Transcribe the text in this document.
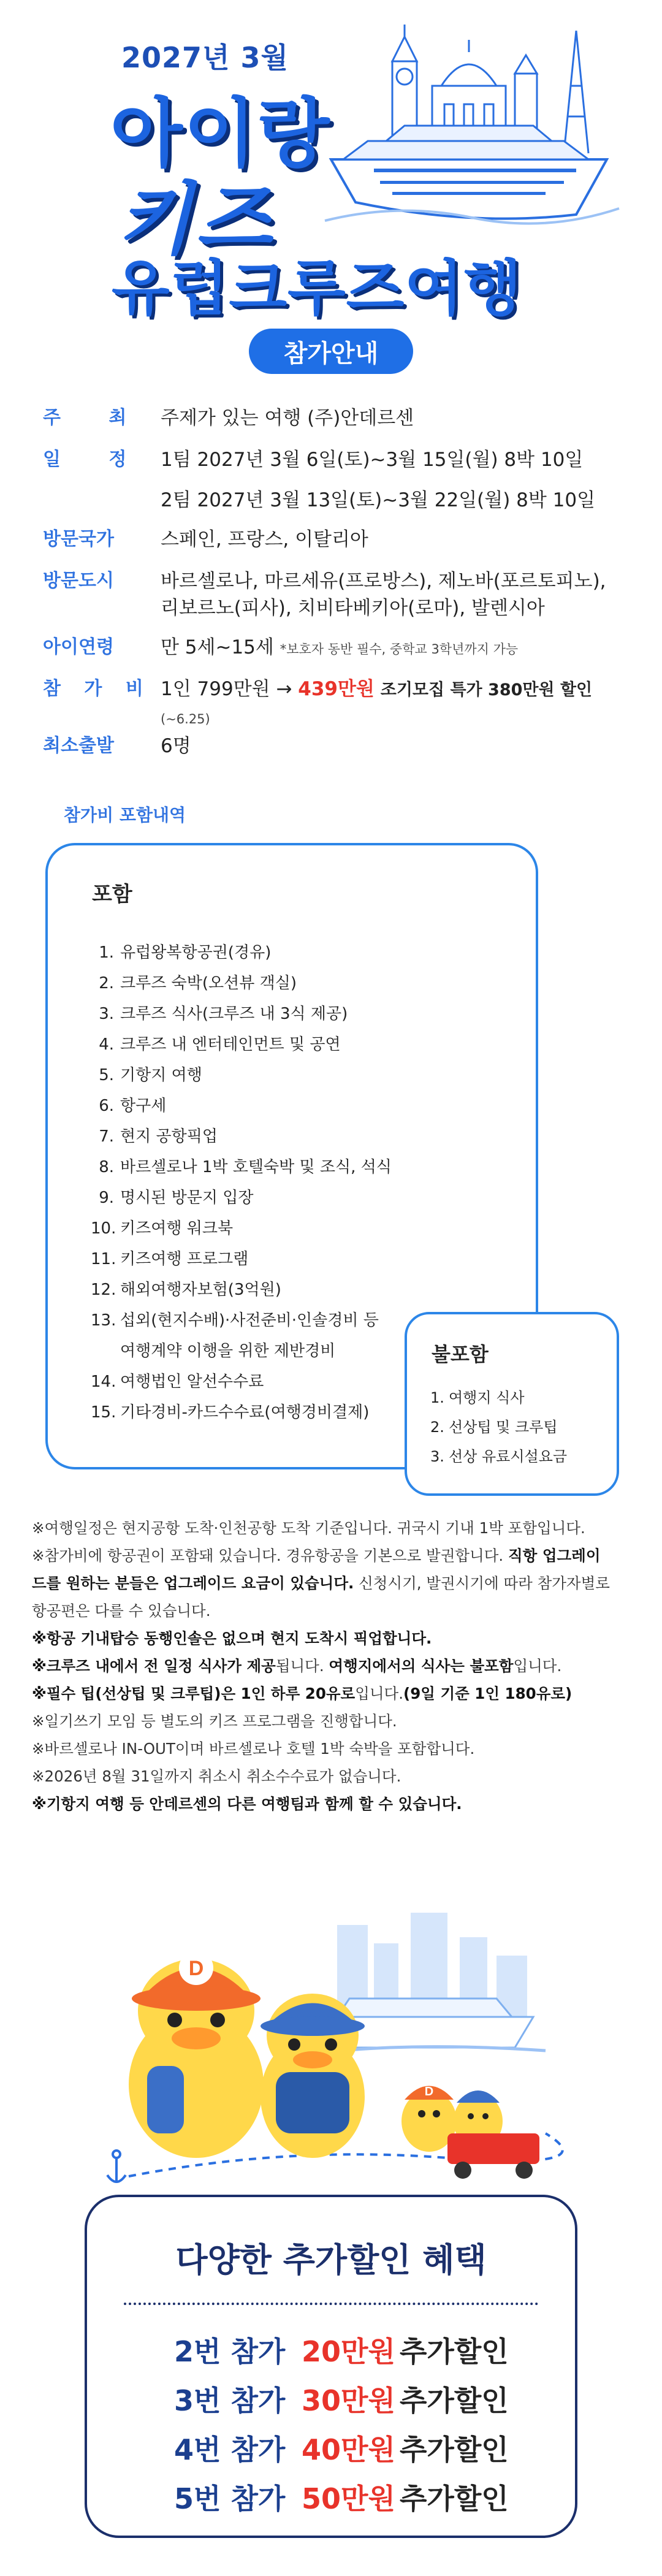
2027년 3월
아이랑
키즈
유럽크루즈여행
참가안내
주 최 주제가 있는 여행 (주)안데르센
일 정 1팀 2027년 3월 6일(토)~3월 15일(월) 8박 10일
2팀 2027년 3월 13일(토)~3월 22일(월) 8박 10일
방문국가	스페인, 프랑스, 이탈리아
방문도시	바르셀로나, 마르세유(프로방스), 제노바(포르토피노),
리보르노(피사), 치비타베키아(로마), 발렌시아
아이연령	만 5세~15세 *보호자 동반 필수, 중학교 3학년까지 가능
참 가 비 1인 799만원 → 439만원 조기모집 특가 380만원 할인 (~6.25)
최소출발	6명
참가비 포함내역
포함
1. 유럽왕복항공권(경유)
2. 크루즈 숙박(오션뷰 객실)
3. 크루즈 식사(크루즈 내 3식 제공)
4. 크루즈 내 엔터테인먼트 및 공연
5. 기항지 여행
6. 항구세
7. 현지 공항픽업
8. 바르셀로나 1박 호텔숙박 및 조식, 석식
9. 명시된 방문지 입장
10. 키즈여행 워크북
11. 키즈여행 프로그램
12. 해외여행자보험(3억원)
13. 섭외(현지수배)·사전준비·인솔경비 등
여행계약 이행을 위한 제반경비
14. 여행법인 알선수수료
15. 기타경비-카드수수료(여행경비결제)
불포함
1. 여행지 식사
2. 선상팁 및 크루팁
3. 선상 유료시설요금
※여행일정은 현지공항 도착·인천공항 도착 기준입니다. 귀국시 기내 1박 포함입니다.
※참가비에 항공권이 포함돼 있습니다. 경유항공을 기본으로 발권합니다. 직항 업그레이
드를 원하는 분들은 업그레이드 요금이 있습니다. 신청시기, 발권시기에 따라 참가자별로
항공편은 다를 수 있습니다.
※항공 기내탑승 동행인솔은 없으며 현지 도착시 픽업합니다.
※크루즈 내에서 전 일정 식사가 제공됩니다. 여행지에서의 식사는 불포함입니다.
※필수 팁(선상팁 및 크루팁)은 1인 하루 20유로입니다.(9일 기준 1인 180유로)
※일기쓰기 모임 등 별도의 키즈 프로그램을 진행합니다.
※바르셀로나 IN-OUT이며 바르셀로나 호텔 1박 숙박을 포함합니다.
※2026년 8월 31일까지 취소시 취소수수료가 없습니다.
※기항지 여행 등 안데르센의 다른 여행팀과 함께 할 수 있습니다.
D
D
다양한 추가할인 혜택
2번 참가 20만원 추가할인
3번 참가 30만원 추가할인
4번 참가 40만원 추가할인
5번 참가 50만원 추가할인
